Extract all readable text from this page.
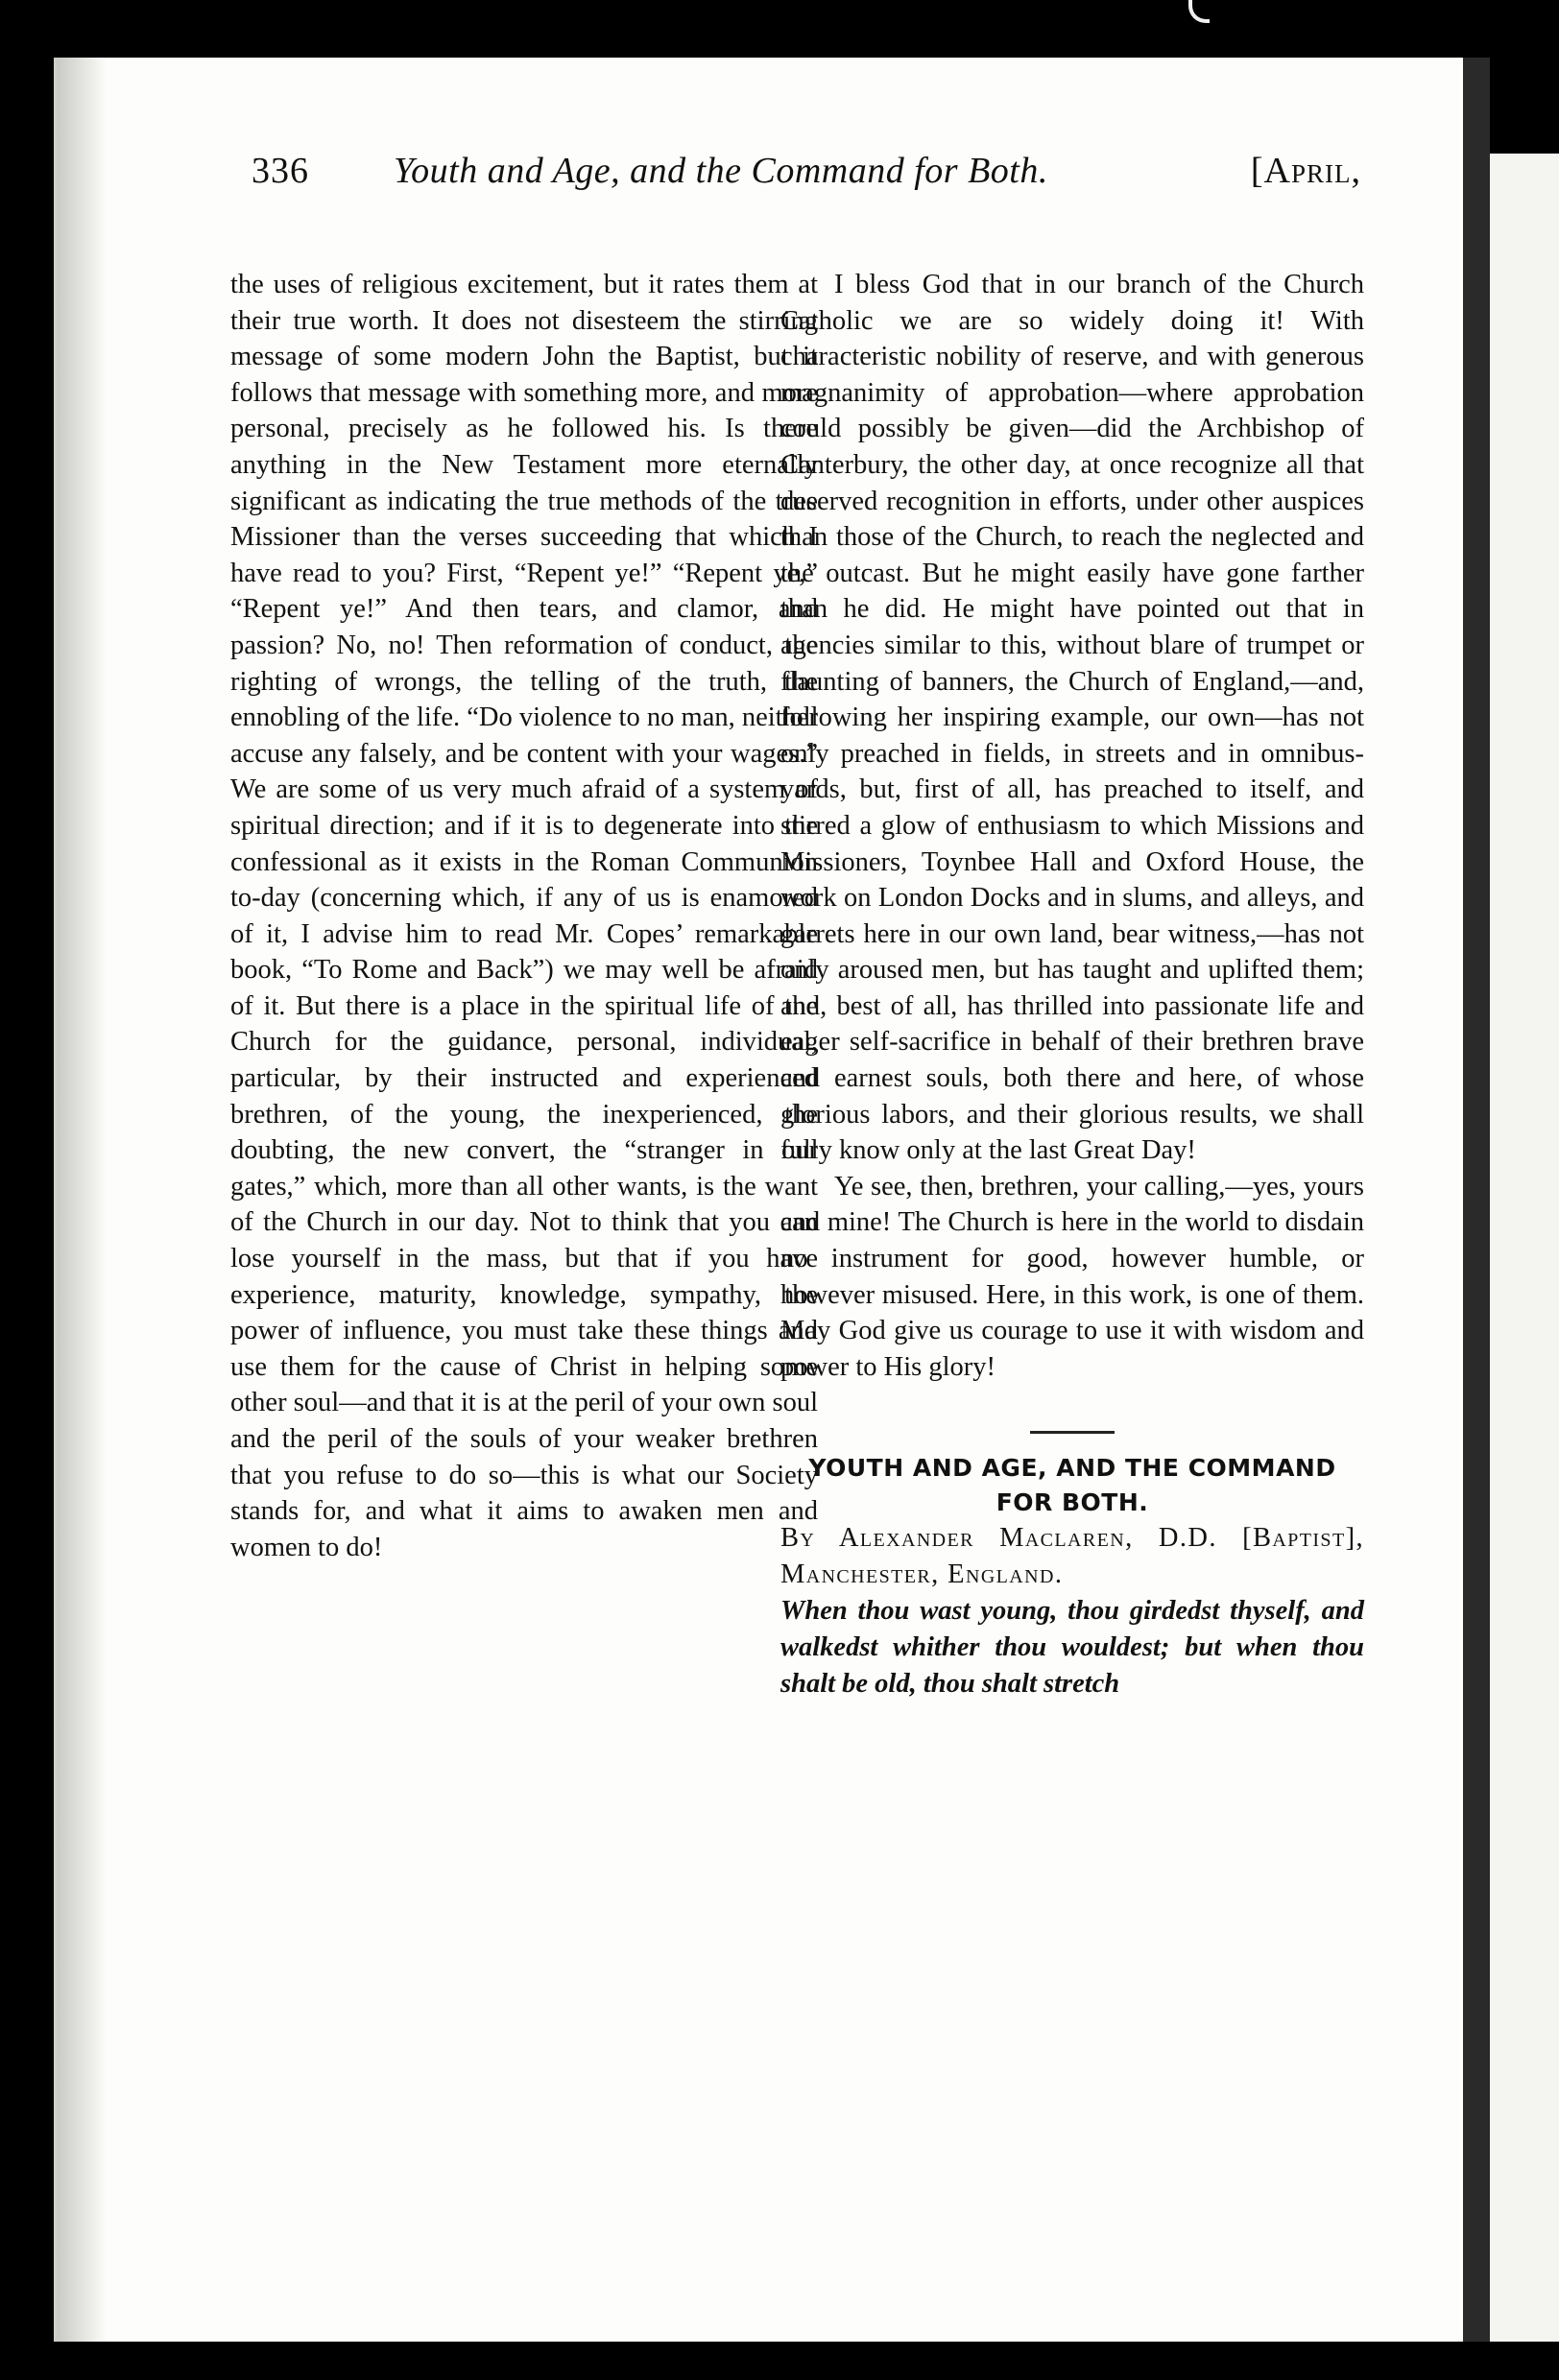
336 Youth and Age, and the Command for Both.	[April,

the uses of religious excitement, but it rates them at their true worth. It does not disesteem the stirring message of some modern John the Baptist, but it follows that message with something more, and more personal, precisely as he followed his. Is there anything in the New Testament more eternally significant as indicating the true methods of the true Missioner than the verses succeeding that which I have read to you? First, “Repent ye!” “Repent ye,” “Repent ye!” And then tears, and clamor, and passion? No, no! Then reformation of conduct, the righting of wrongs, the telling of the truth, the ennobling of the life. “Do violence to no man, neither accuse any falsely, and be content with your wages.” We are some of us very much afraid of a system of spiritual direction; and if it is to degenerate into the confessional as it exists in the Roman Communion to-day (concerning which, if any of us is enamored of it, I advise him to read Mr. Copes’ remarkable book, “To Rome and Back”) we may well be afraid of it. But there is a place in the spiritual life of the Church for the guidance, personal, individual, particular, by their instructed and experienced brethren, of the young, the inexperienced, the doubting, the new convert, the “stranger in our gates,” which, more than all other wants, is the want of the Church in our day. Not to think that you can lose yourself in the mass, but that if you have experience, maturity, knowledge, sympathy, the power of influence, you must take these things and use them for the cause of Christ in helping some other soul—and that it is at the peril of your own soul and the peril of the souls of your weaker brethren that you refuse to do so—this is what our Society stands for, and what it aims to awaken men and women to do!

I bless God that in our branch of the Church Catholic we are so widely doing it! With characteristic nobility of reserve, and with generous magnanimity of approbation—where approbation could possibly be given—did the Archbishop of Canterbury, the other day, at once recognize all that deserved recognition in efforts, under other auspices than those of the Church, to reach the neglected and the outcast. But he might easily have gone farther than he did. He might have pointed out that in agencies similar to this, without blare of trumpet or flaunting of banners, the Church of England,—and, following her inspiring example, our own—has not only preached in fields, in streets and in omnibus-yards, but, first of all, has preached to itself, and stirred a glow of enthusiasm to which Missions and Missioners, Toynbee Hall and Oxford House, the work on London Docks and in slums, and alleys, and garrets here in our own land, bear witness,—has not only aroused men, but has taught and uplifted them; and, best of all, has thrilled into passionate life and eager self-sacrifice in behalf of their brethren brave and earnest souls, both there and here, of whose glorious labors, and their glorious results, we shall fully know only at the last Great Day!

Ye see, then, brethren, your calling,—yes, yours and mine! The Church is here in the world to disdain no instrument for good, however humble, or however misused. Here, in this work, is one of them. May God give us courage to use it with wisdom and power to His glory!

YOUTH AND AGE, AND THE COMMAND FOR BOTH.

By Alexander Maclaren, D.D. [Baptist], Manchester, England.

When thou wast young, thou girdedst thyself, and walkedst whither thou wouldest; but when thou shalt be old, thou shalt stretch
